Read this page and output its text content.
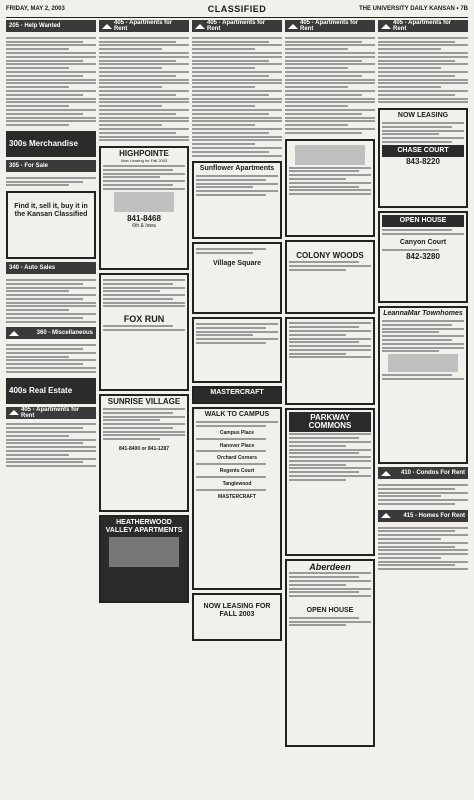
FRIDAY, MAY 2, 2003	CLASSIFIED	THE UNIVERSITY DAILY KANSAN • 7B
205 - Help Wanted
300s Merchandise
305 - For Sale
Find it, sell it, buy it in the Kansan Classified
340 - Auto Sales
360 - Miscellaneous
400s Real Estate
405 - Apartments for Rent
405 - Apartments for Rent
HIGHPOINTE
Now Leasing for Fall 2003
841-8468
6th & Iowa
FOX RUN
SUNRISE VILLAGE
841-8400 or 841-1287
HEATHERWOOD VALLEY APARTMENTS
405 - Apartments for Rent
Sunflower Apartments
Village Square
MASTERCRAFT
WALK TO CAMPUS
Campus Place
Hanover Place
Orchard Corners
Regents Court
Tanglewood
MASTERCRAFT
NOW LEASING FOR FALL 2003
405 - Apartments for Rent
COLONY WOODS
PARKWAY COMMONS
Aberdeen
OPEN HOUSE
405 - Apartments for Rent
NOW LEASING
CHASE COURT
843-8220
OPEN HOUSE
Canyon Court
842-3280
LeannaMar Townhomes
410 - Condos For Rent
415 - Homes For Rent
